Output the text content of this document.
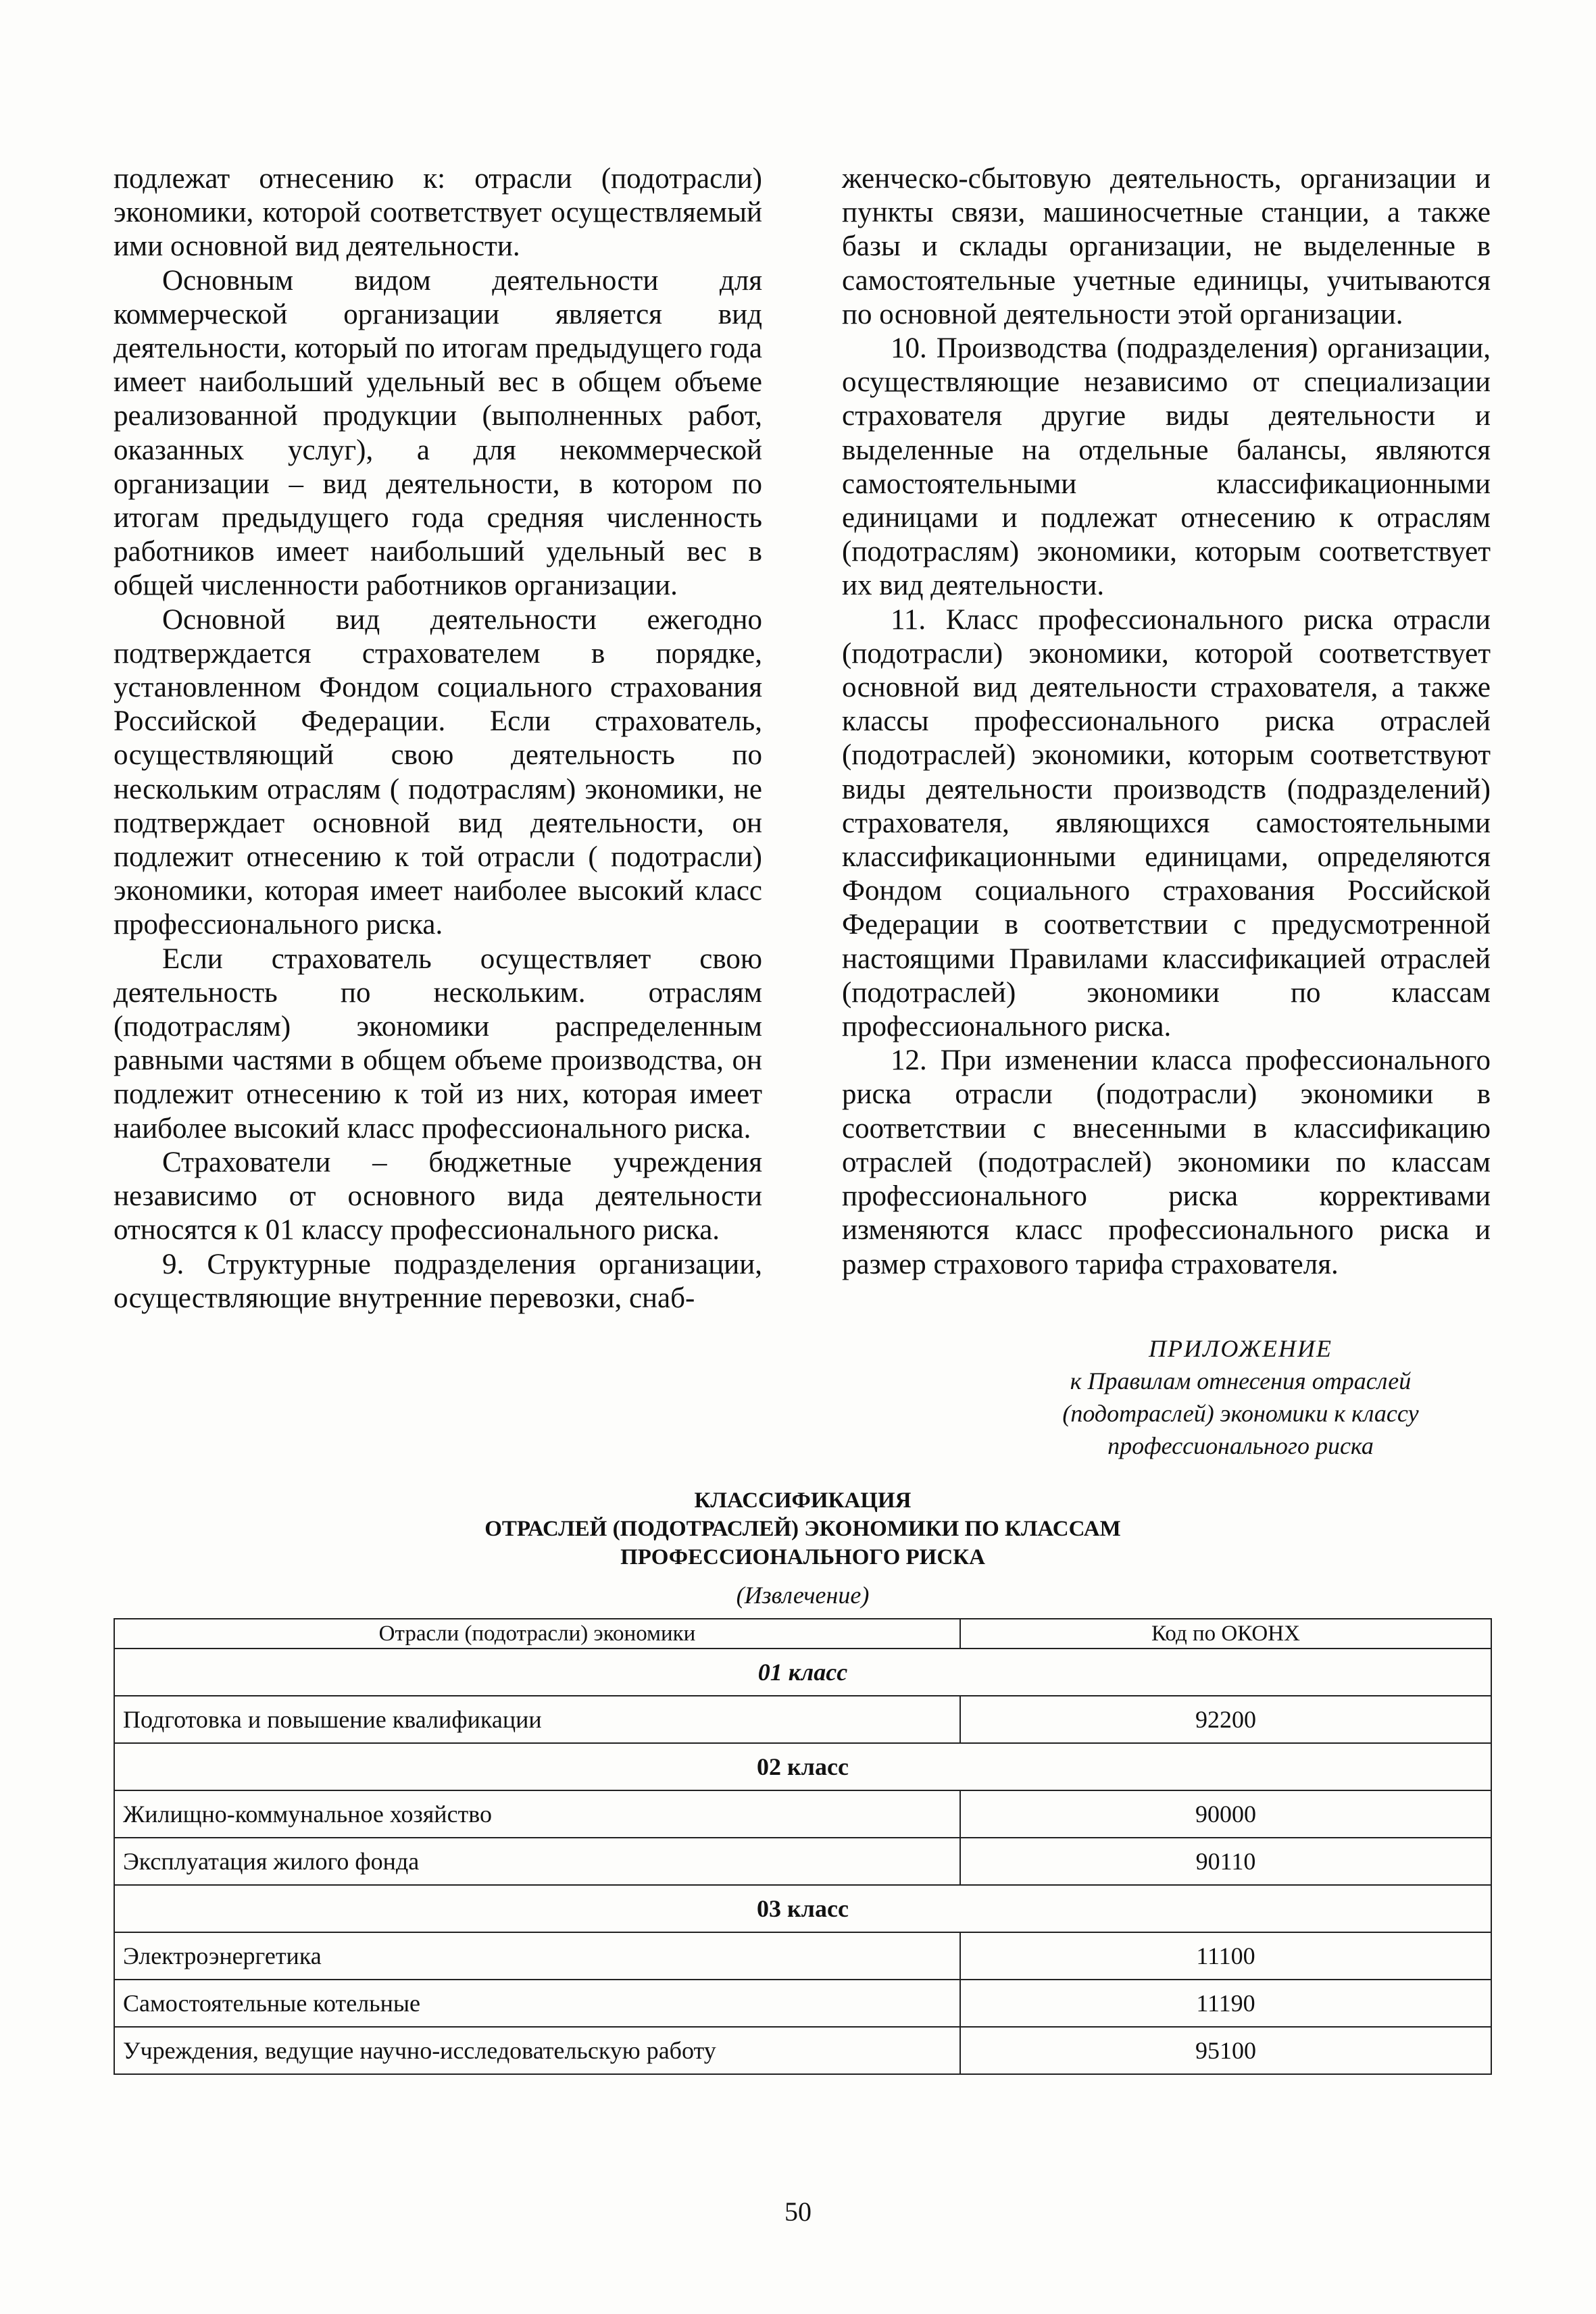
подлежат отнесению к: отрасли (подотрасли) экономики, которой соответствует осуществляемый ими основной вид деятельности.

Основным видом деятельности для коммерческой организации является вид деятельности, который по итогам предыдущего года имеет наибольший удельный вес в общем объеме реализованной продукции (выполненных работ, оказанных услуг), а для некоммерческой организации – вид деятельности, в котором по итогам предыдущего года средняя численность работников имеет наибольший удельный вес в общей численности работников организации.

Основной вид деятельности ежегодно подтверждается страхователем в порядке, установленном Фондом социального страхования Российской Федерации. Если страхователь, осуществляющий свою деятельность по нескольким отраслям ( подотраслям) экономики, не подтверждает основной вид деятельности, он подлежит отнесению к той отрасли ( подотрасли) экономики, которая имеет наиболее высокий класс профессионального риска.

Если страхователь осуществляет свою деятельность по нескольким. отраслям (подотраслям) экономики распределенным равными частями в общем объеме производства, он подлежит отнесению к той из них, которая имеет наиболее высокий класс профессионального риска.

Страхователи – бюджетные учреждения независимо от основного вида деятельности относятся к 01 классу профессионального риска.

9. Структурные подразделения организации, осуществляющие внутренние перевозки, снаб-

женческо-сбытовую деятельность, организации и пункты связи, машиносчетные станции, а также базы и склады организации, не выделенные в самостоятельные учетные единицы, учитываются по основной деятельности этой организации.

10. Производства (подразделения) организации, осуществляющие независимо от специализации страхователя другие виды деятельности и выделенные на отдельные балансы, являются самостоятельными классификационными единицами и подлежат отнесению к отраслям (подотраслям) экономики, которым соответствует их вид деятельности.

11. Класс профессионального риска отрасли (подотрасли) экономики, которой соответствует основной вид деятельности страхователя, а также классы профессионального риска отраслей (подотраслей) экономики, которым соответствуют виды деятельности производств (подразделений) страхователя, являющихся самостоятельными классификационными единицами, определяются Фондом социального страхования Российской Федерации в соответствии с предусмотренной настоящими Правилами классификацией отраслей (подотраслей) экономики по классам профессионального риска.

12. При изменении класса профессионального риска отрасли (подотрасли) экономики в соответствии с внесенными в классификацию отраслей (подотраслей) экономики по классам профессионального риска коррективами изменяются класс профессионального риска и размер страхового тарифа страхователя.

ПРИЛОЖЕНИЕ
к Правилам отнесения отраслей
(подотраслей) экономики к классу
профессионального риска
КЛАССИФИКАЦИЯ
ОТРАСЛЕЙ (ПОДОТРАСЛЕЙ) ЭКОНОМИКИ ПО КЛАССАМ
ПРОФЕССИОНАЛЬНОГО РИСКА
(Извлечение)
Отрасли (подотрасли) экономики	Код по ОКОНХ
01 класс	
Подготовка и повышение квалификации	92200
02 класс	
Жилищно-коммунальное хозяйство	90000
Эксплуатация жилого фонда	90110
03 класс	
Электроэнергетика	11100
Самостоятельные котельные	11190
Учреждения, ведущие научно-исследовательскую работу	95100
50
